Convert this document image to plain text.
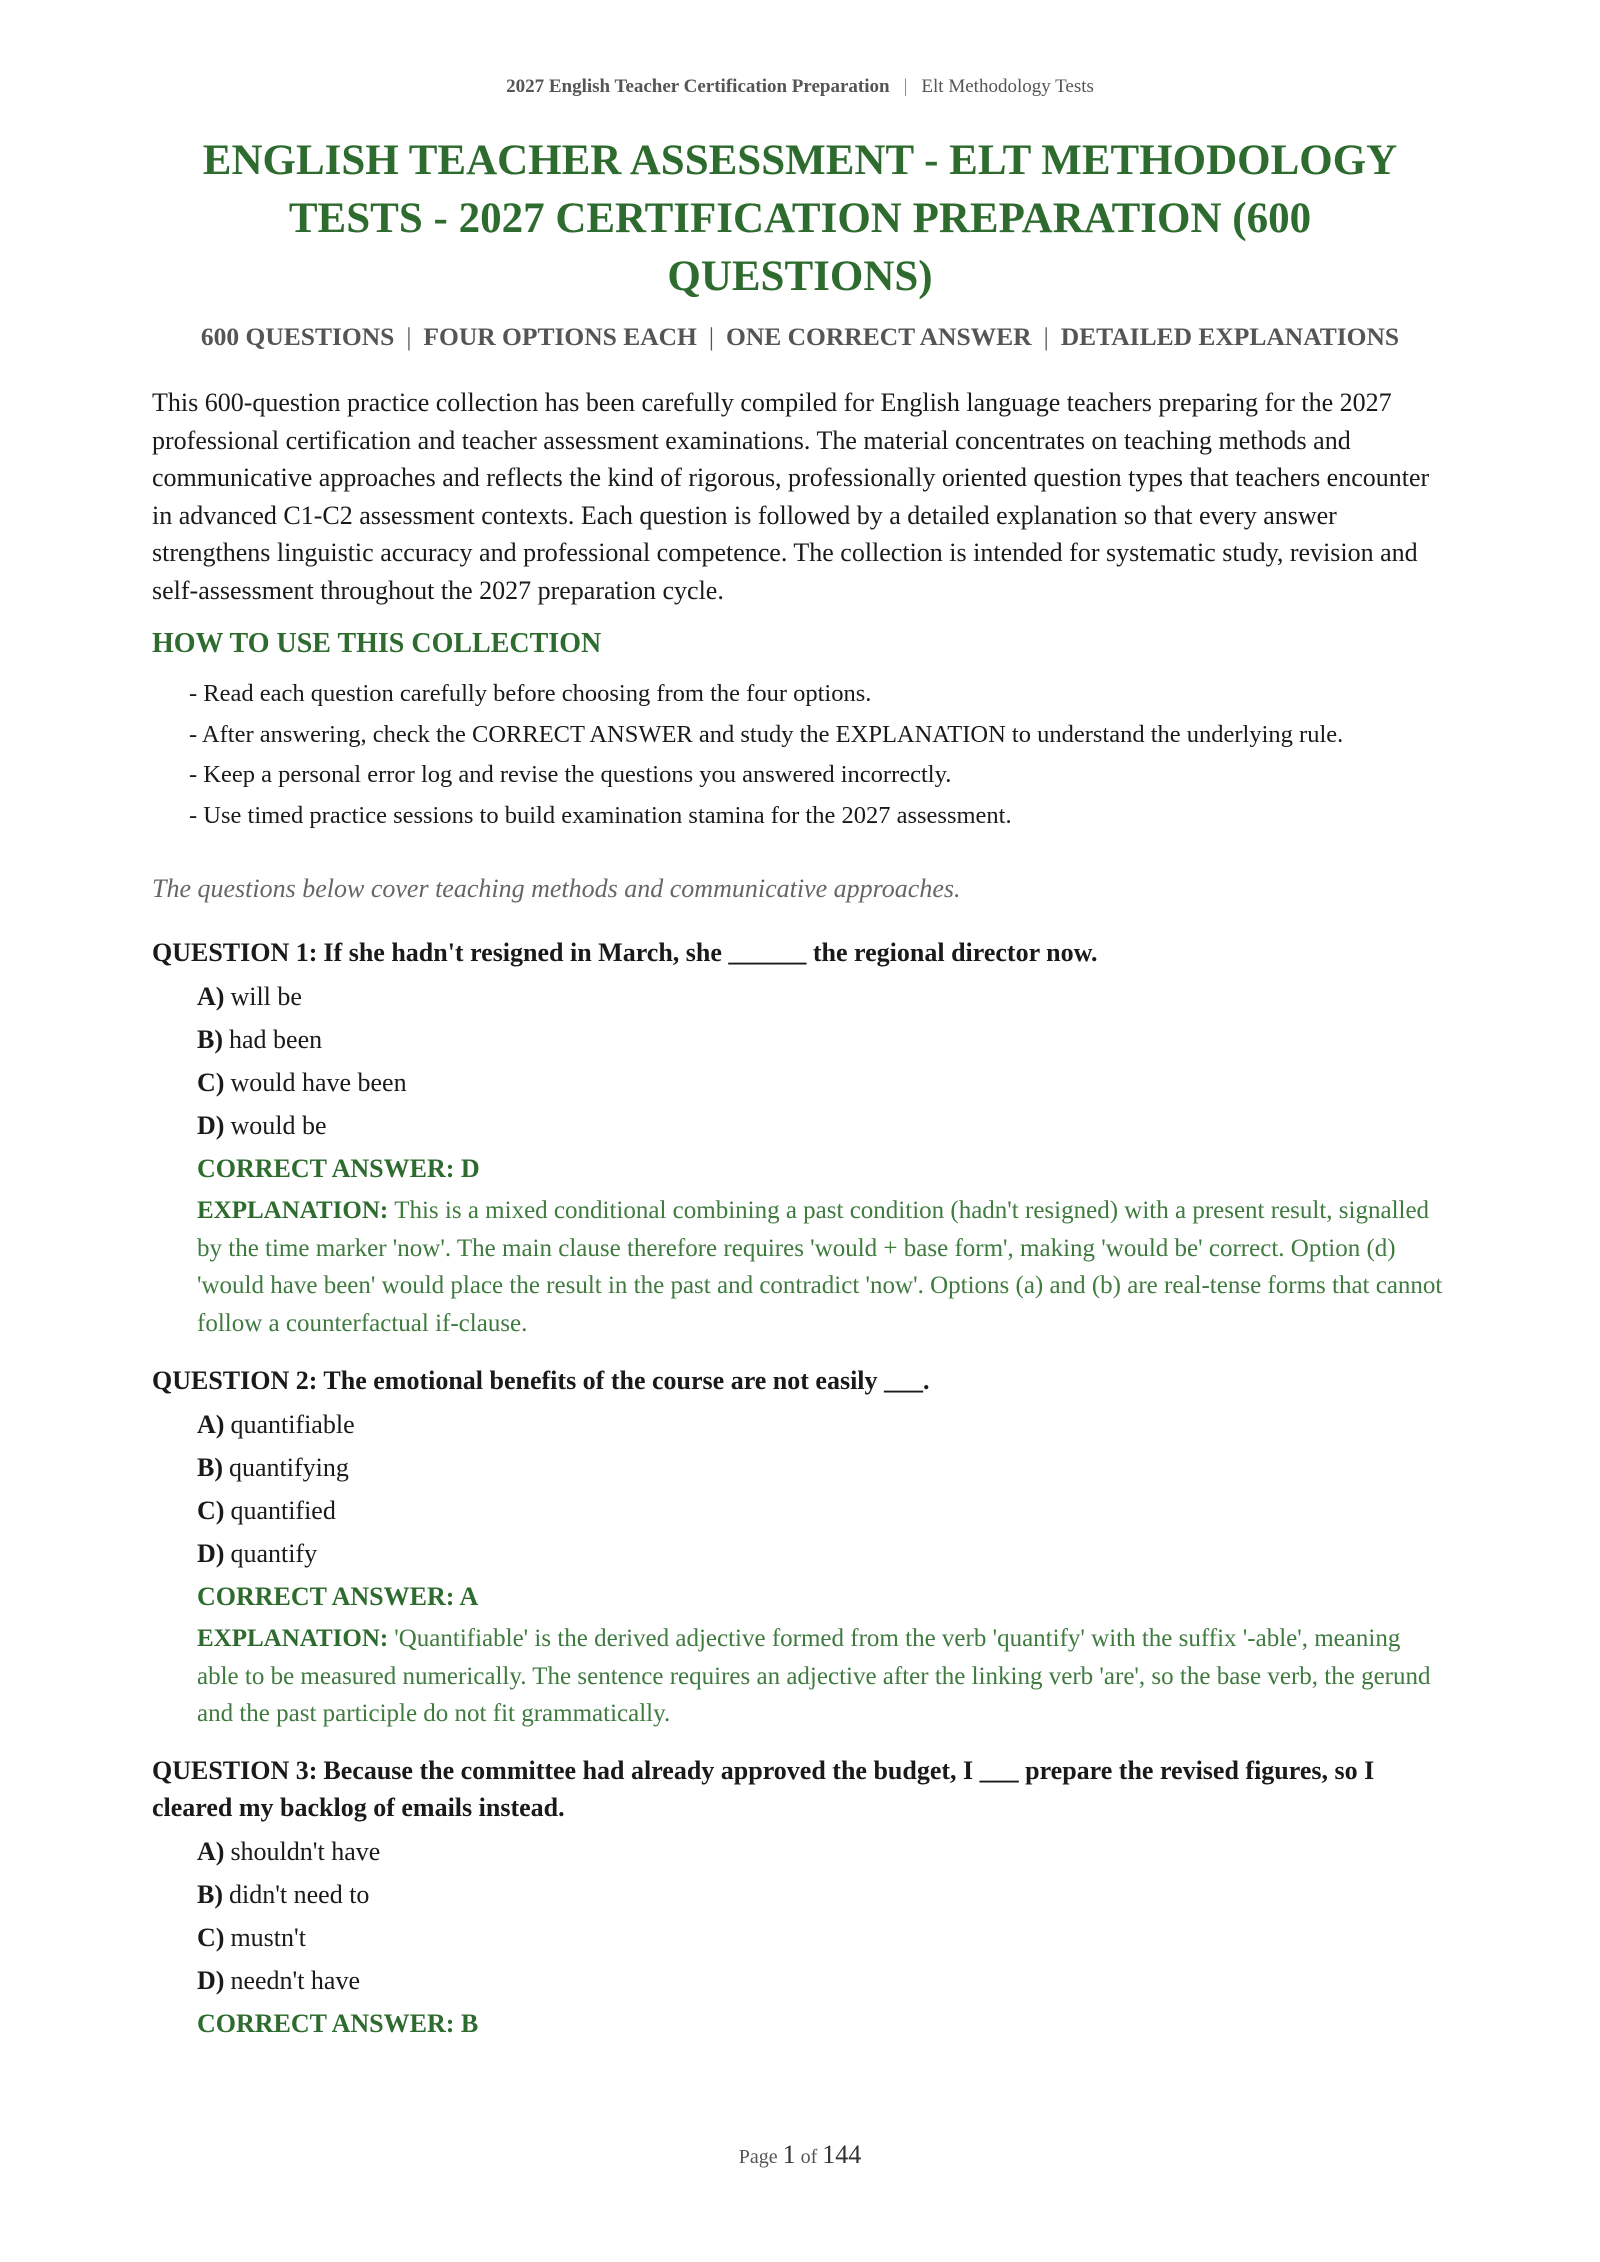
2027 English Teacher Certification Preparation | Elt Methodology Tests
ENGLISH TEACHER ASSESSMENT - ELT METHODOLOGY TESTS - 2027 CERTIFICATION PREPARATION (600 QUESTIONS)
600 QUESTIONS | FOUR OPTIONS EACH | ONE CORRECT ANSWER | DETAILED EXPLANATIONS

This 600-question practice collection has been carefully compiled for English language teachers preparing for the 2027 professional certification and teacher assessment examinations. The material concentrates on teaching methods and communicative approaches and reflects the kind of rigorous, professionally oriented question types that teachers encounter in advanced C1-C2 assessment contexts. Each question is followed by a detailed explanation so that every answer strengthens linguistic accuracy and professional competence. The collection is intended for systematic study, revision and self-assessment throughout the 2027 preparation cycle.

HOW TO USE THIS COLLECTION
- Read each question carefully before choosing from the four options.
- After answering, check the CORRECT ANSWER and study the EXPLANATION to understand the underlying rule.
- Keep a personal error log and revise the questions you answered incorrectly.
- Use timed practice sessions to build examination stamina for the 2027 assessment.
The questions below cover teaching methods and communicative approaches.

QUESTION 1: If she hadn't resigned in March, she ______ the regional director now.

A) will be
B) had been
C) would have been
D) would be
CORRECT ANSWER: D
EXPLANATION: This is a mixed conditional combining a past condition (hadn't resigned) with a present result, signalled by the time marker 'now'. The main clause therefore requires 'would + base form', making 'would be' correct. Option (d) 'would have been' would place the result in the past and contradict 'now'. Options (a) and (b) are real-tense forms that cannot follow a counterfactual if-clause.

QUESTION 2: The emotional benefits of the course are not easily ___.

A) quantifiable
B) quantifying
C) quantified
D) quantify
CORRECT ANSWER: A
EXPLANATION: 'Quantifiable' is the derived adjective formed from the verb 'quantify' with the suffix '-able', meaning able to be measured numerically. The sentence requires an adjective after the linking verb 'are', so the base verb, the gerund and the past participle do not fit grammatically.

QUESTION 3: Because the committee had already approved the budget, I ___ prepare the revised figures, so I cleared my backlog of emails instead.

A) shouldn't have
B) didn't need to
C) mustn't
D) needn't have
CORRECT ANSWER: B
Page 1 of 144
